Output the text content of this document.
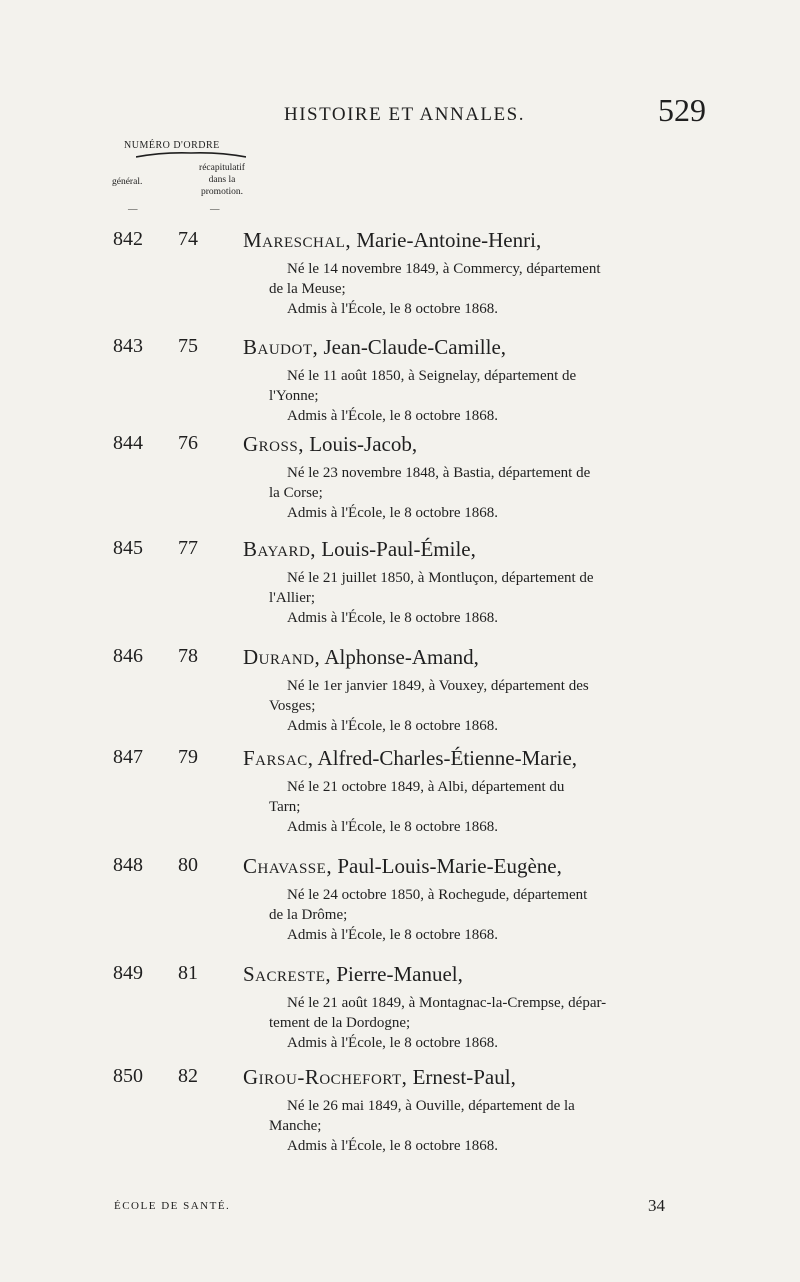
HISTOIRE ET ANNALES.	529
NUMÉRO D'ORDRE
général.
récapitulatif
dans la
promotion.
—	—
842 74 Mareschal, Marie-Antoine-Henri,
Né le 14 novembre 1849, à Commercy, département
de la Meuse;
Admis à l'École, le 8 octobre 1868.
843 75 Baudot, Jean-Claude-Camille,
Né le 11 août 1850, à Seignelay, département de
l'Yonne;
Admis à l'École, le 8 octobre 1868.
844 76 Gross, Louis-Jacob,
Né le 23 novembre 1848, à Bastia, département de
la Corse;
Admis à l'École, le 8 octobre 1868.
845 77 Bayard, Louis-Paul-Émile,
Né le 21 juillet 1850, à Montluçon, département de
l'Allier;
Admis à l'École, le 8 octobre 1868.
846 78 Durand, Alphonse-Amand,
Né le 1er janvier 1849, à Vouxey, département des
Vosges;
Admis à l'École, le 8 octobre 1868.
847 79 Farsac, Alfred-Charles-Étienne-Marie,
Né le 21 octobre 1849, à Albi, département du
Tarn;
Admis à l'École, le 8 octobre 1868.
848 80 Chavasse, Paul-Louis-Marie-Eugène,
Né le 24 octobre 1850, à Rochegude, département
de la Drôme;
Admis à l'École, le 8 octobre 1868.
849 81 Sacreste, Pierre-Manuel,
Né le 21 août 1849, à Montagnac-la-Crempse, dépar-
tement de la Dordogne;
Admis à l'École, le 8 octobre 1868.
850 82 Girou-Rochefort, Ernest-Paul,
Né le 26 mai 1849, à Ouville, département de la
Manche;
Admis à l'École, le 8 octobre 1868.
ÉCOLE DE SANTÉ.	34
